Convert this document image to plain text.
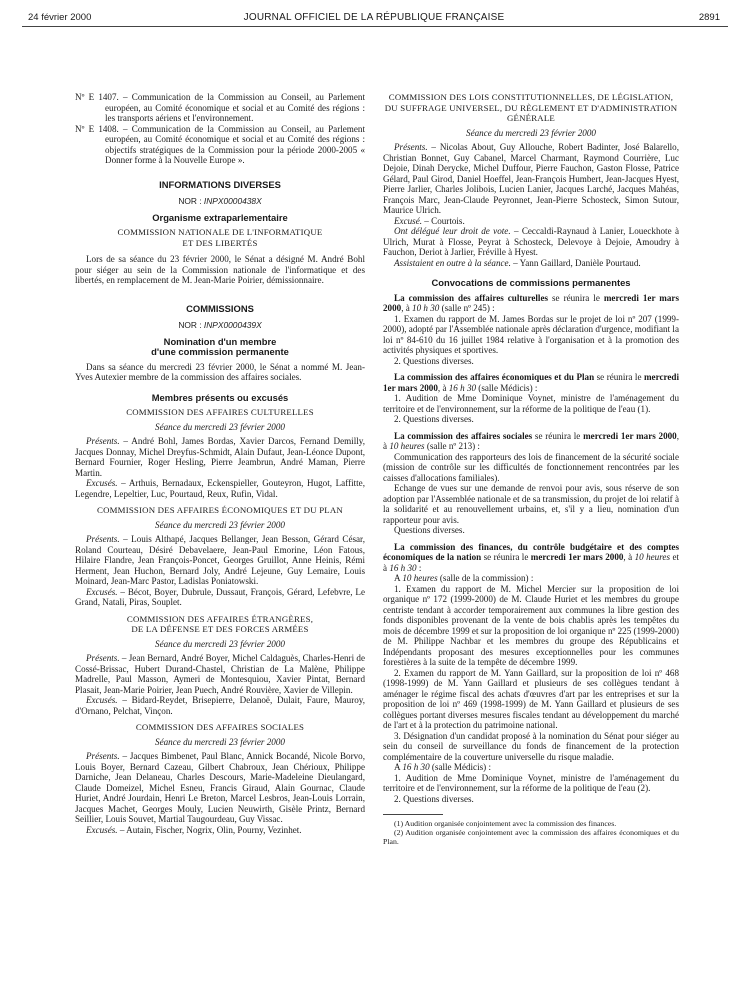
24 février 2000	JOURNAL OFFICIEL DE LA RÉPUBLIQUE FRANÇAISE	2891

Nº E 1407. – Communication de la Commission au Conseil, au Parlement européen, au Comité économique et social et au Comité des régions : les transports aériens et l'environnement.

Nº E 1408. – Communication de la Commission au Conseil, au Parlement européen, au Comité économique et social et au Comité des régions : objectifs stratégiques de la Commission pour la période 2000-2005 « Donner forme à la Nouvelle Europe ».

INFORMATIONS DIVERSES

NOR : INPX0000438X

Organisme extraparlementaire

COMMISSION NATIONALE DE L'INFORMATIQUE

ET DES LIBERTÉS

Lors de sa séance du 23 février 2000, le Sénat a désigné M. André Bohl pour siéger au sein de la Commission nationale de l'informatique et des libertés, en remplacement de M. Jean-Marie Poirier, démissionnaire.

COMMISSIONS

NOR : INPX0000439X

Nomination d'un membre

d'une commission permanente

Dans sa séance du mercredi 23 février 2000, le Sénat a nommé M. Jean-Yves Autexier membre de la commission des affaires sociales.

Membres présents ou excusés

COMMISSION DES AFFAIRES CULTURELLES

Séance du mercredi 23 février 2000

Présents. – André Bohl, James Bordas, Xavier Darcos, Fernand Demilly, Jacques Donnay, Michel Dreyfus-Schmidt, Alain Dufaut, Jean-Léonce Dupont, Bernard Fournier, Roger Hesling, Pierre Jeambrun, André Maman, Pierre Martin.

Excusés. – Arthuis, Bernadaux, Eckenspieller, Gouteyron, Hugot, Laffitte, Legendre, Lepeltier, Luc, Pourtaud, Reux, Rufin, Vidal.

COMMISSION DES AFFAIRES ÉCONOMIQUES ET DU PLAN

Séance du mercredi 23 février 2000

Présents. – Louis Althapé, Jacques Bellanger, Jean Besson, Gérard César, Roland Courteau, Désiré Debavelaere, Jean-Paul Emorine, Léon Fatous, Hilaire Flandre, Jean François-Poncet, Georges Gruillot, Anne Heinis, Rémi Herment, Jean Huchon, Bernard Joly, André Lejeune, Guy Lemaire, Louis Moinard, Jean-Marc Pastor, Ladislas Poniatowski.

Excusés. – Bécot, Boyer, Dubrule, Dussaut, François, Gérard, Lefebvre, Le Grand, Natali, Piras, Souplet.

COMMISSION DES AFFAIRES ÉTRANGÈRES,

DE LA DÉFENSE ET DES FORCES ARMÉES

Séance du mercredi 23 février 2000

Présents. – Jean Bernard, André Boyer, Michel Caldaguès, Charles-Henri de Cossé-Brissac, Hubert Durand-Chastel, Christian de La Malène, Philippe Madrelle, Paul Masson, Aymeri de Montesquiou, Xavier Pintat, Bernard Plasait, Jean-Marie Poirier, Jean Puech, André Rouvière, Xavier de Villepin.

Excusés. – Bidard-Reydet, Brisepierre, Delanoë, Dulait, Faure, Mauroy, d'Ornano, Pelchat, Vinçon.

COMMISSION DES AFFAIRES SOCIALES

Séance du mercredi 23 février 2000

Présents. – Jacques Bimbenet, Paul Blanc, Annick Bocandé, Nicole Borvo, Louis Boyer, Bernard Cazeau, Gilbert Chabroux, Jean Chérioux, Philippe Darniche, Jean Delaneau, Charles Descours, Marie-Madeleine Dieulangard, Claude Domeizel, Michel Esneu, Francis Giraud, Alain Gournac, Claude Huriet, André Jourdain, Henri Le Breton, Marcel Lesbros, Jean-Louis Lorrain, Jacques Machet, Georges Mouly, Lucien Neuwirth, Gisèle Printz, Bernard Seillier, Louis Souvet, Martial Taugourdeau, Guy Vissac.

Excusés. – Autain, Fischer, Nogrix, Olin, Pourny, Vezinhet.

COMMISSION DES LOIS CONSTITUTIONNELLES, DE LÉGISLATION, DU SUFFRAGE UNIVERSEL, DU RÈGLEMENT ET D'ADMINISTRATION GÉNÉRALE

Séance du mercredi 23 février 2000

Présents. – Nicolas About, Guy Allouche, Robert Badinter, José Balarello, Christian Bonnet, Guy Cabanel, Marcel Charmant, Raymond Courrière, Luc Dejoie, Dinah Derycke, Michel Duffour, Pierre Fauchon, Gaston Flosse, Patrice Gélard, Paul Girod, Daniel Hoeffel, Jean-François Humbert, Jean-Jacques Hyest, Pierre Jarlier, Charles Jolibois, Lucien Lanier, Jacques Larché, Jacques Mahéas, François Marc, Jean-Claude Peyronnet, Jean-Pierre Schosteck, Simon Sutour, Maurice Ulrich.

Excusé. – Courtois.

Ont délégué leur droit de vote. – Ceccaldi-Raynaud à Lanier, Loueckhote à Ulrich, Murat à Flosse, Peyrat à Schosteck, Delevoye à Dejoie, Amoudry à Fauchon, Deriot à Jarlier, Fréville à Hyest.

Assistaient en outre à la séance. – Yann Gaillard, Danièle Pourtaud.

Convocations de commissions permanentes

La commission des affaires culturelles se réunira le mercredi 1er mars 2000, à 10 h 30 (salle nº 245) :

1. Examen du rapport de M. James Bordas sur le projet de loi nº 207 (1999-2000), adopté par l'Assemblée nationale après déclaration d'urgence, modifiant la loi nº 84-610 du 16 juillet 1984 relative à l'organisation et à la promotion des activités physiques et sportives.

2. Questions diverses.

La commission des affaires économiques et du Plan se réunira le mercredi 1er mars 2000, à 16 h 30 (salle Médicis) :

1. Audition de Mme Dominique Voynet, ministre de l'aménagement du territoire et de l'environnement, sur la réforme de la politique de l'eau (1).

2. Questions diverses.

La commission des affaires sociales se réunira le mercredi 1er mars 2000, à 10 heures (salle nº 213) :

Communication des rapporteurs des lois de financement de la sécurité sociale (mission de contrôle sur les difficultés de fonctionnement rencontrées par les caisses d'allocations familiales).

Echange de vues sur une demande de renvoi pour avis, sous réserve de son adoption par l'Assemblée nationale et de sa transmission, du projet de loi relatif à la solidarité et au renouvellement urbains, et, s'il y a lieu, nomination d'un rapporteur pour avis.

Questions diverses.

La commission des finances, du contrôle budgétaire et des comptes économiques de la nation se réunira le mercredi 1er mars 2000, à 10 heures et à 16 h 30 :

A 10 heures (salle de la commission) :

1. Examen du rapport de M. Michel Mercier sur la proposition de loi organique nº 172 (1999-2000) de M. Claude Huriet et les membres du groupe centriste tendant à accorder temporairement aux communes la libre gestion des fonds disponibles provenant de la vente de bois chablis après les tempêtes du mois de décembre 1999 et sur la proposition de loi organique nº 225 (1999-2000) de M. Philippe Nachbar et les membres du groupe des Républicains et Indépendants proposant des mesures exceptionnelles pour les communes forestières à la suite de la tempête de décembre 1999.

2. Examen du rapport de M. Yann Gaillard, sur la proposition de loi nº 468 (1998-1999) de M. Yann Gaillard et plusieurs de ses collègues tendant à aménager le régime fiscal des achats d'œuvres d'art par les entreprises et sur la proposition de loi nº 469 (1998-1999) de M. Yann Gaillard et plusieurs de ses collègues portant diverses mesures fiscales tendant au développement du marché de l'art et à la protection du patrimoine national.

3. Désignation d'un candidat proposé à la nomination du Sénat pour siéger au sein du conseil de surveillance du fonds de financement de la protection complémentaire de la couverture universelle du risque maladie.

A 16 h 30 (salle Médicis) :

1. Audition de Mme Dominique Voynet, ministre de l'aménagement du territoire et de l'environnement, sur la réforme de la politique de l'eau (2).

2. Questions diverses.

(1) Audition organisée conjointement avec la commission des finances.

(2) Audition organisée conjointement avec la commission des affaires économiques et du Plan.
